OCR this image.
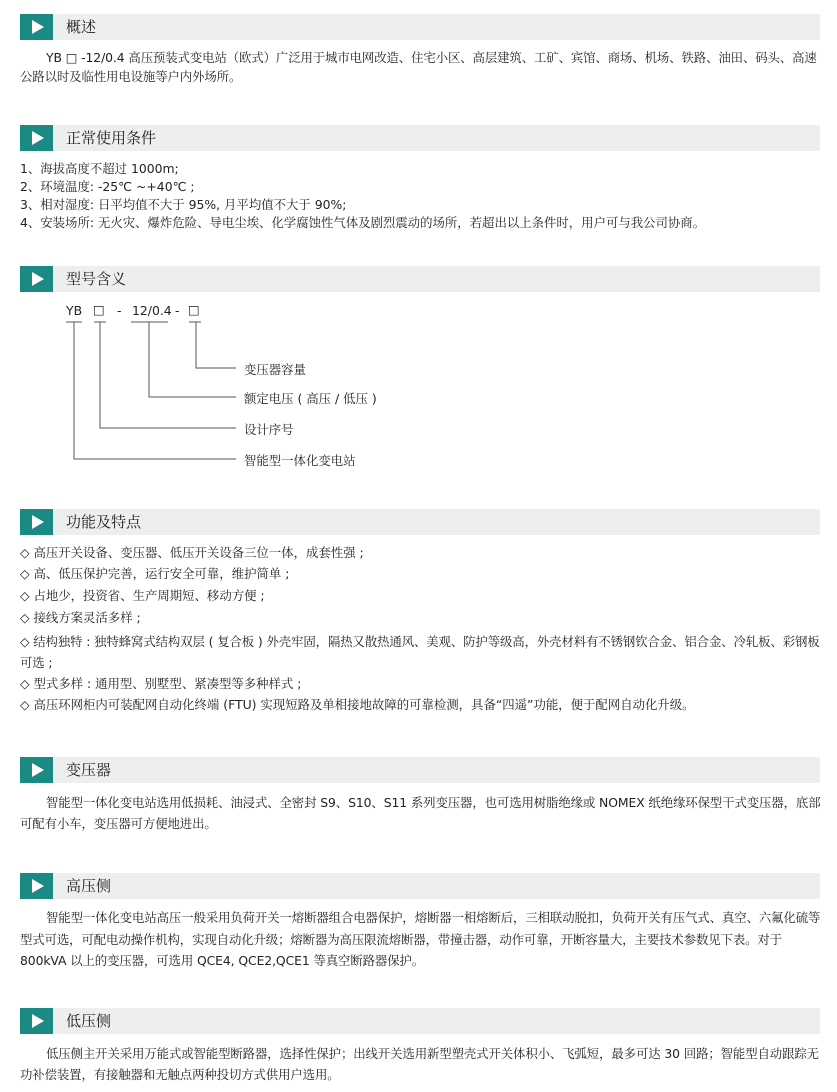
概述
YB □ -12/0.4 高压预装式变电站（欧式）广泛用于城市电网改造、住宅小区、高层建筑、工矿、宾馆、商场、机场、铁路、油田、码头、高速公路以时及临性用电设施等户内外场所。
正常使用条件
1、海拔高度不超过 1000m;
2、环境温度: -25℃ ~+40℃ ;
3、相对湿度: 日平均值不大于 95%, 月平均值不大于 90%;
4、安装场所: 无火灾、爆炸危险、导电尘埃、化学腐蚀性气体及剧烈震动的场所，若超出以上条件时，用户可与我公司协商。
型号含义
YB □ - 12/0.4 - □
变压器容量
额定电压 ( 高压 / 低压 )
设计序号
智能型一体化变电站
功能及特点
◇ 高压开关设备、变压器、低压开关设备三位一体，成套性强 ;
◇ 高、低压保护完善，运行安全可靠，维护简单 ;
◇ 占地少，投资省、生产周期短、移动方便 ;
◇ 接线方案灵活多样 ;
◇ 结构独特 : 独特蜂窝式结构双层 ( 复合板 ) 外壳牢固，隔热又散热通风、美观、防护等级高，外壳材料有不锈钢钦合金、铝合金、冷轧板、彩钢板可选 ;
◇ 型式多样 : 通用型、别墅型、紧凑型等多种样式 ;
◇ 高压环网柜内可装配网自动化终端 (FTU) 实现短路及单相接地故障的可靠检测，具备“四遥”功能，便于配网自动化升级。
变压器
智能型一体化变电站选用低损耗、油浸式、全密封 S9、S10、S11 系列变压器，也可选用树脂绝缘或 NOMEX 纸绝缘环保型干式变压器，底部可配有小车，变压器可方便地进出。
高压侧
智能型一体化变电站高压一般采用负荷开关一熔断器组合电器保护，熔断器一相熔断后，三相联动脱扣，负荷开关有压气式、真空、六氟化硫等型式可选，可配电动操作机构，实现自动化升级；熔断器为高压限流熔断器，带撞击器，动作可靠，开断容量大，主要技术参数见下表。对于 800kVA 以上的变压器，可选用 QCE4, QCE2,QCE1 等真空断路器保护。
低压侧
低压侧主开关采用万能式或智能型断路器，选择性保护；出线开关选用新型塑壳式开关体积小、飞弧短，最多可达 30 回路；智能型自动跟踪无功补偿装置，有接触器和无触点两种投切方式供用户选用。
